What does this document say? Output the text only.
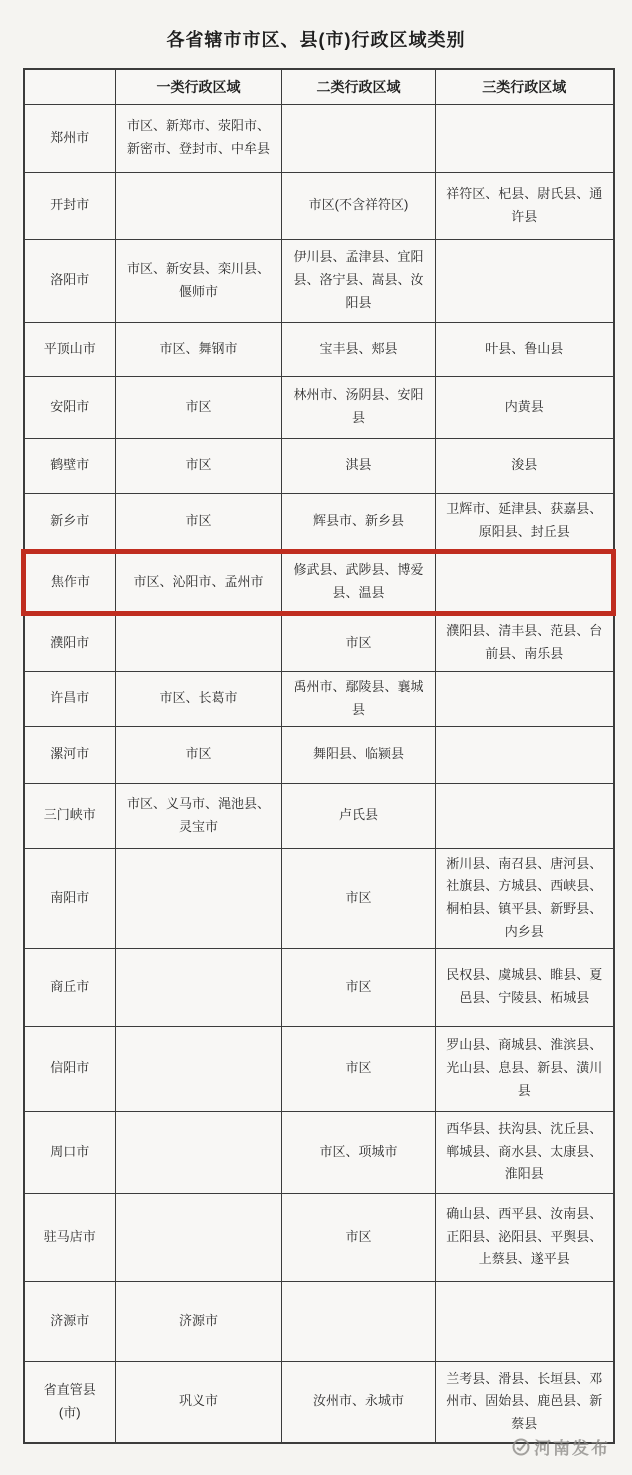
各省辖市市区、县(市)行政区域类别
	一类行政区域	二类行政区域	三类行政区域
郑州市	市区、新郑市、荥阳市、新密市、登封市、中牟县		
开封市		市区(不含祥符区)	祥符区、杞县、尉氏县、通许县
洛阳市	市区、新安县、栾川县、偃师市	伊川县、孟津县、宜阳县、洛宁县、嵩县、汝阳县	
平顶山市	市区、舞钢市	宝丰县、郏县	叶县、鲁山县
安阳市	市区	林州市、汤阴县、安阳县	内黄县
鹤壁市	市区	淇县	浚县
新乡市	市区	辉县市、新乡县	卫辉市、延津县、获嘉县、原阳县、封丘县
焦作市	市区、沁阳市、孟州市	修武县、武陟县、博爱县、温县	
濮阳市		市区	濮阳县、清丰县、范县、台前县、南乐县
许昌市	市区、长葛市	禹州市、鄢陵县、襄城县	
漯河市	市区	舞阳县、临颍县	
三门峡市	市区、义马市、渑池县、灵宝市	卢氏县	
南阳市		市区	淅川县、南召县、唐河县、社旗县、方城县、西峡县、桐柏县、镇平县、新野县、内乡县
商丘市		市区	民权县、虞城县、睢县、夏邑县、宁陵县、柘城县
信阳市		市区	罗山县、商城县、淮滨县、光山县、息县、新县、潢川县
周口市		市区、项城市	西华县、扶沟县、沈丘县、郸城县、商水县、太康县、淮阳县
驻马店市		市区	确山县、西平县、汝南县、正阳县、泌阳县、平舆县、上蔡县、遂平县
济源市	济源市		
省直管县(市)	巩义市	汝州市、永城市	兰考县、滑县、长垣县、邓州市、固始县、鹿邑县、新蔡县
河南发布
